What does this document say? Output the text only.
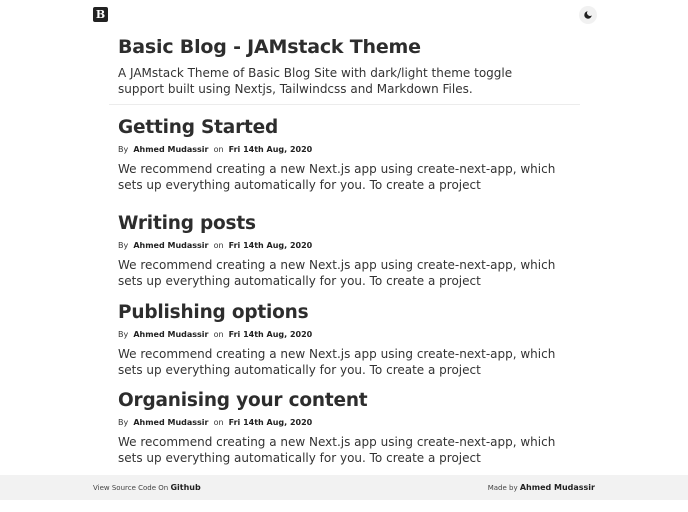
B
Basic Blog - JAMstack Theme

A JAMstack Theme of Basic Blog Site with dark/light theme toggle support built using Nextjs, Tailwindcss and Markdown Files.

Getting Started
By Ahmed Mudassir on Fri 14th Aug, 2020

We recommend creating a new Next.js app using create-next-app, which sets up everything automatically for you. To create a project

Writing posts
By Ahmed Mudassir on Fri 14th Aug, 2020

We recommend creating a new Next.js app using create-next-app, which sets up everything automatically for you. To create a project

Publishing options
By Ahmed Mudassir on Fri 14th Aug, 2020

We recommend creating a new Next.js app using create-next-app, which sets up everything automatically for you. To create a project

Organising your content
By Ahmed Mudassir on Fri 14th Aug, 2020

We recommend creating a new Next.js app using create-next-app, which sets up everything automatically for you. To create a project

View Source Code On Github	Made by Ahmed Mudassir
